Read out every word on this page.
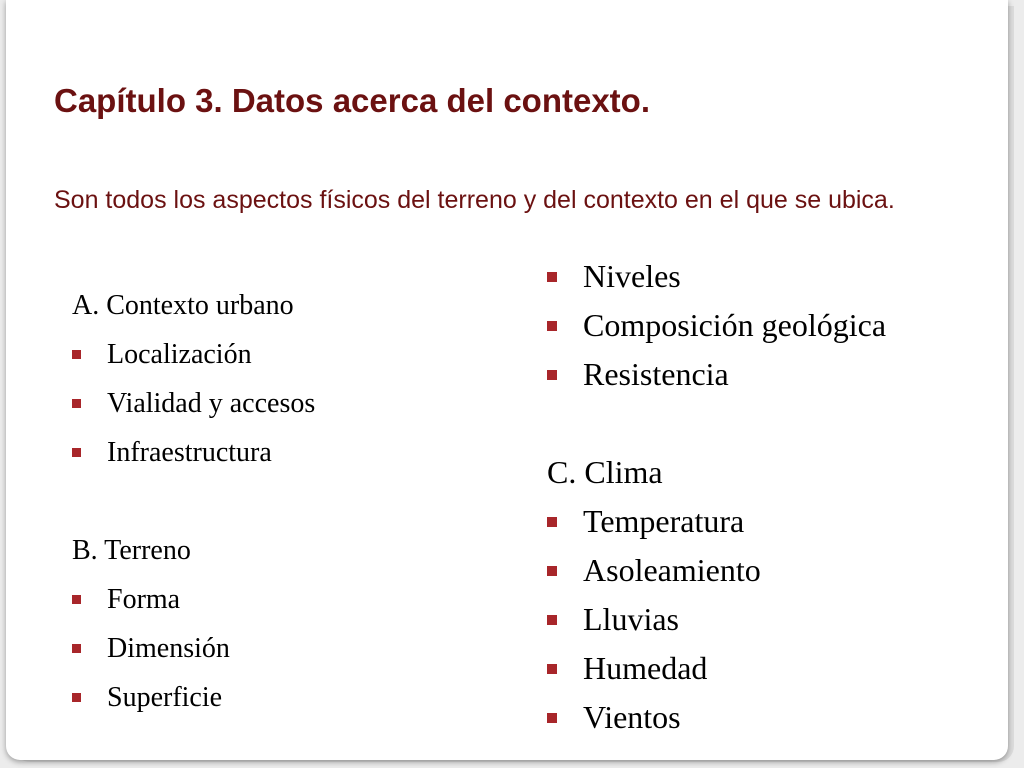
Capítulo 3. Datos acerca del contexto.

Son todos los aspectos físicos del terreno y del contexto en el que se ubica.

A. Contexto urbano
Localización
Vialidad y accesos
Infraestructura
B. Terreno
Forma
Dimensión
Superficie
Niveles
Composición geológica
Resistencia
C. Clima
Temperatura
Asoleamiento
Lluvias
Humedad
Vientos
